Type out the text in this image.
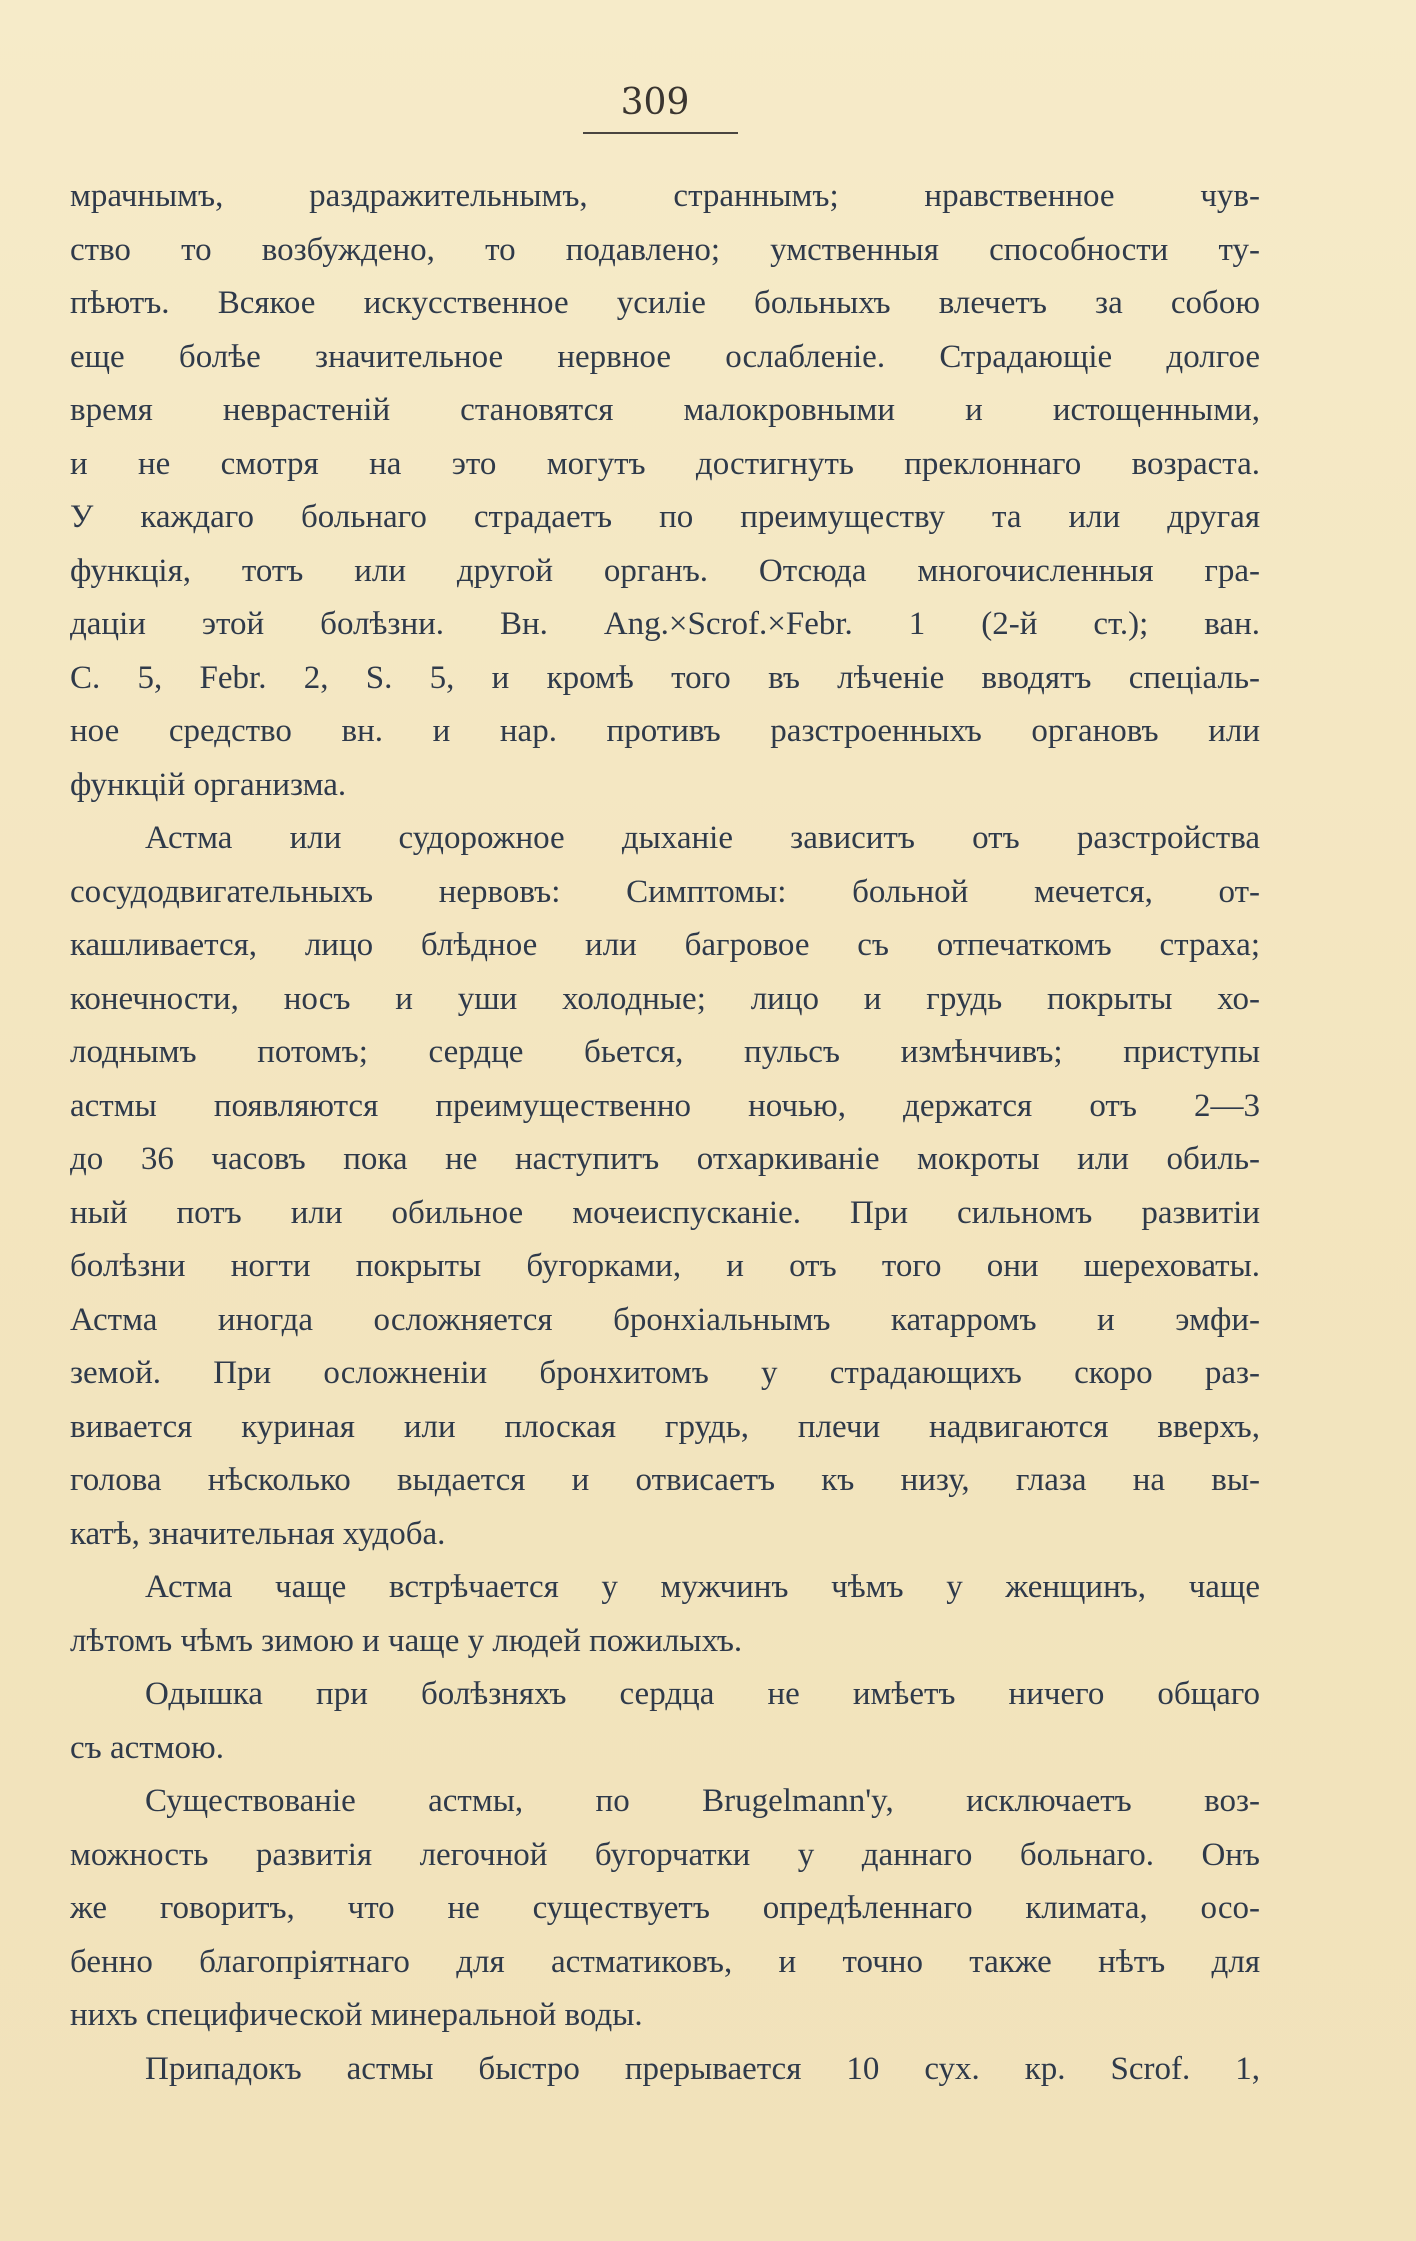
309
мрачнымъ, раздражительнымъ, страннымъ; нравственное чув-
ство то возбуждено, то подавлено; умственныя способности ту-
пѣютъ. Всякое искусственное усиліе больныхъ влечетъ за собою
еще болѣе значительное нервное ослабленіе. Страдающіе долгое
время неврастеній становятся малокровными и истощенными,
и не смотря на это могутъ достигнуть преклоннаго возраста.
У каждаго больнаго страдаетъ по преимуществу та или другая
функція, тотъ или другой органъ. Отсюда многочисленныя гра-
даціи этой болѣзни. Вн. Ang.×Scrof.×Febr. 1 (2-й ст.); ван.
C. 5, Febr. 2, S. 5, и кромѣ того въ лѣченіе вводятъ спеціаль-
ное средство вн. и нар. противъ разстроенныхъ органовъ или
функцій организма.
Астма или судорожное дыханіе зависитъ отъ разстройства
сосудодвигательныхъ нервовъ: Симптомы: больной мечется, от-
кашливается, лицо блѣдное или багровое съ отпечаткомъ страха;
конечности, носъ и уши холодные; лицо и грудь покрыты хо-
лоднымъ потомъ; сердце бьется, пульсъ измѣнчивъ; приступы
астмы появляются преимущественно ночью, держатся отъ 2—3
до 36 часовъ пока не наступитъ отхаркиваніе мокроты или обиль-
ный потъ или обильное мочеиспусканіе. При сильномъ развитіи
болѣзни ногти покрыты бугорками, и отъ того они шереховаты.
Астма иногда осложняется бронхіальнымъ катарромъ и эмфи-
земой. При осложненіи бронхитомъ у страдающихъ скоро раз-
вивается куриная или плоская грудь, плечи надвигаются вверхъ,
голова нѣсколько выдается и отвисаетъ къ низу, глаза на вы-
катѣ, значительная худоба.
Астма чаще встрѣчается у мужчинъ чѣмъ у женщинъ, чаще
лѣтомъ чѣмъ зимою и чаще у людей пожилыхъ.
Одышка при болѣзняхъ сердца не имѣетъ ничего общаго
съ астмою.
Существованіе астмы, по Brugelmann'y, исключаетъ воз-
можность развитія легочной бугорчатки у даннаго больнаго. Онъ
же говоритъ, что не существуетъ опредѣленнаго климата, осо-
бенно благопріятнаго для астматиковъ, и точно также нѣтъ для
нихъ специфической минеральной воды.
Припадокъ астмы быстро прерывается 10 сух. кр. Scrof. 1,
